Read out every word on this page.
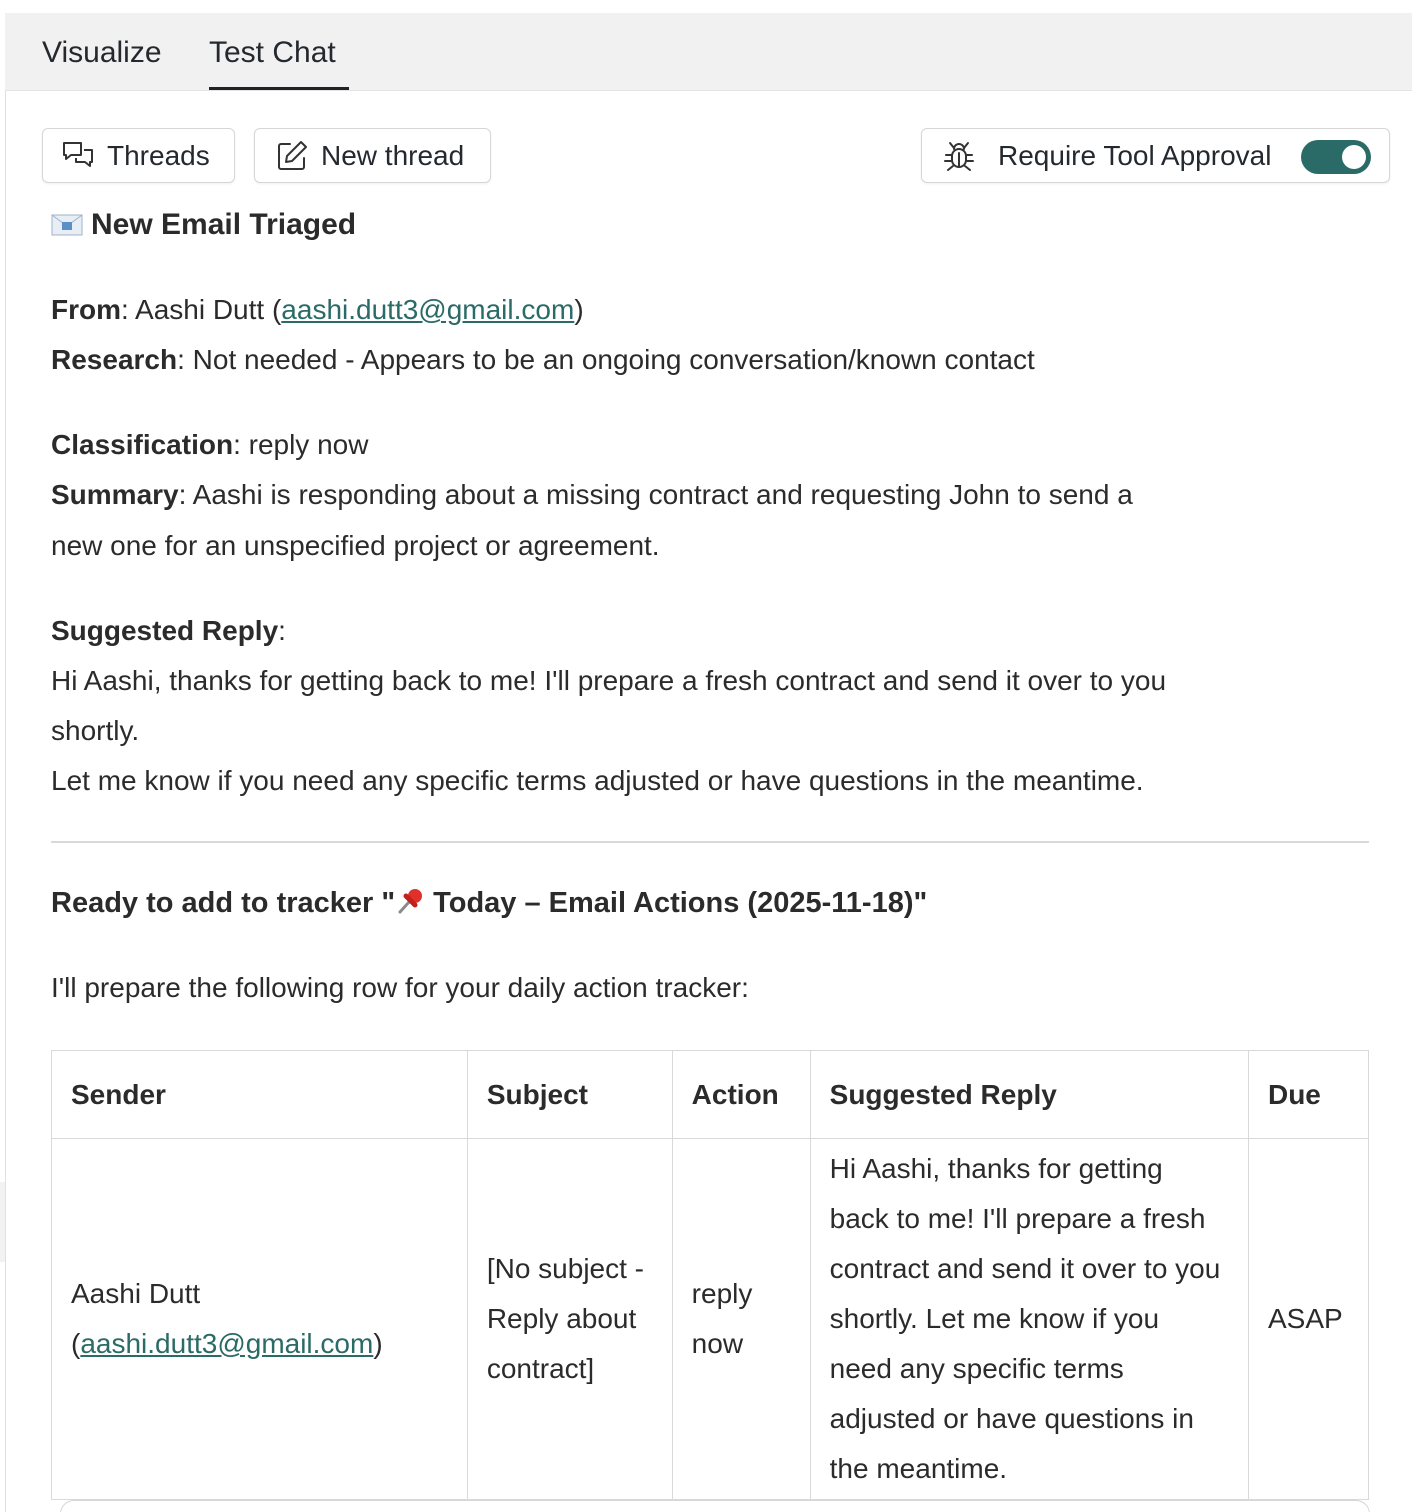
Visualize Test Chat
Threads	New thread	Require Tool Approval
New Email Triaged
From: Aashi Dutt (aashi.dutt3@gmail.com)
Research: Not needed - Appears to be an ongoing conversation/known contact
Classification: reply now
Summary: Aashi is responding about a missing contract and requesting John to send a
new one for an unspecified project or agreement.
Suggested Reply:
Hi Aashi, thanks for getting back to me! I'll prepare a fresh contract and send it over to you
shortly.
Let me know if you need any specific terms adjusted or have questions in the meantime.
Ready to add to tracker " Today – Email Actions (2025-11-18)"
I'll prepare the following row for your daily action tracker:
Sender	Subject	Action	Suggested Reply	Due
Aashi Dutt
(aashi.dutt3@gmail.com)	[No subject - Reply about contract]	reply now	Hi Aashi, thanks for getting back to me! I'll prepare a fresh contract and send it over to you shortly. Let me know if you need any specific terms adjusted or have questions in the meantime.	ASAP
